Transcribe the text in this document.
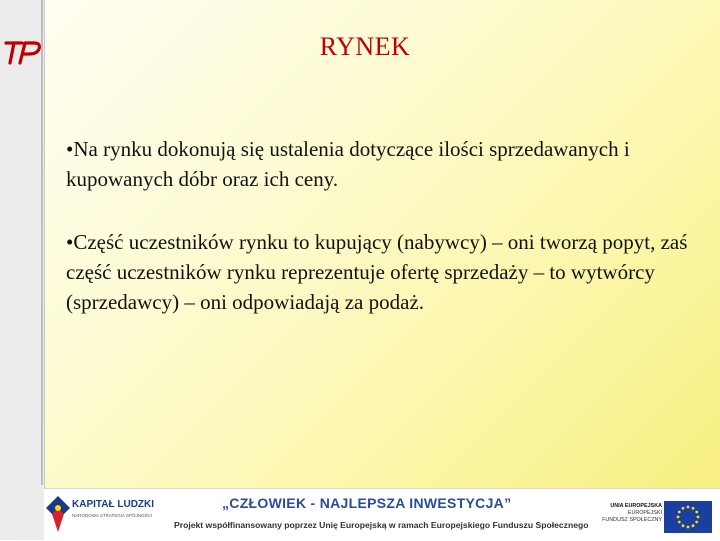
RYNEK
•Na rynku dokonują się ustalenia dotyczące ilości sprzedawanych i kupowanych dóbr oraz ich ceny.
•Część uczestników rynku to kupujący (nabywcy) – oni tworzą popyt, zaś część uczestników rynku reprezentuje ofertę sprzedaży – to wytwórcy (sprzedawcy) – oni odpowiadają za podaż.
KAPITAŁ LUDZKI
NARODOWA STRATEGIA SPÓJNOŚCI
„CZŁOWIEK - NAJLEPSZA INWESTYCJA”
Projekt współfinansowany poprzez Unię Europejską w ramach Europejskiego Funduszu Społecznego
UNIA EUROPEJSKA
EUROPEJSKI
FUNDUSZ SPOŁECZNY
